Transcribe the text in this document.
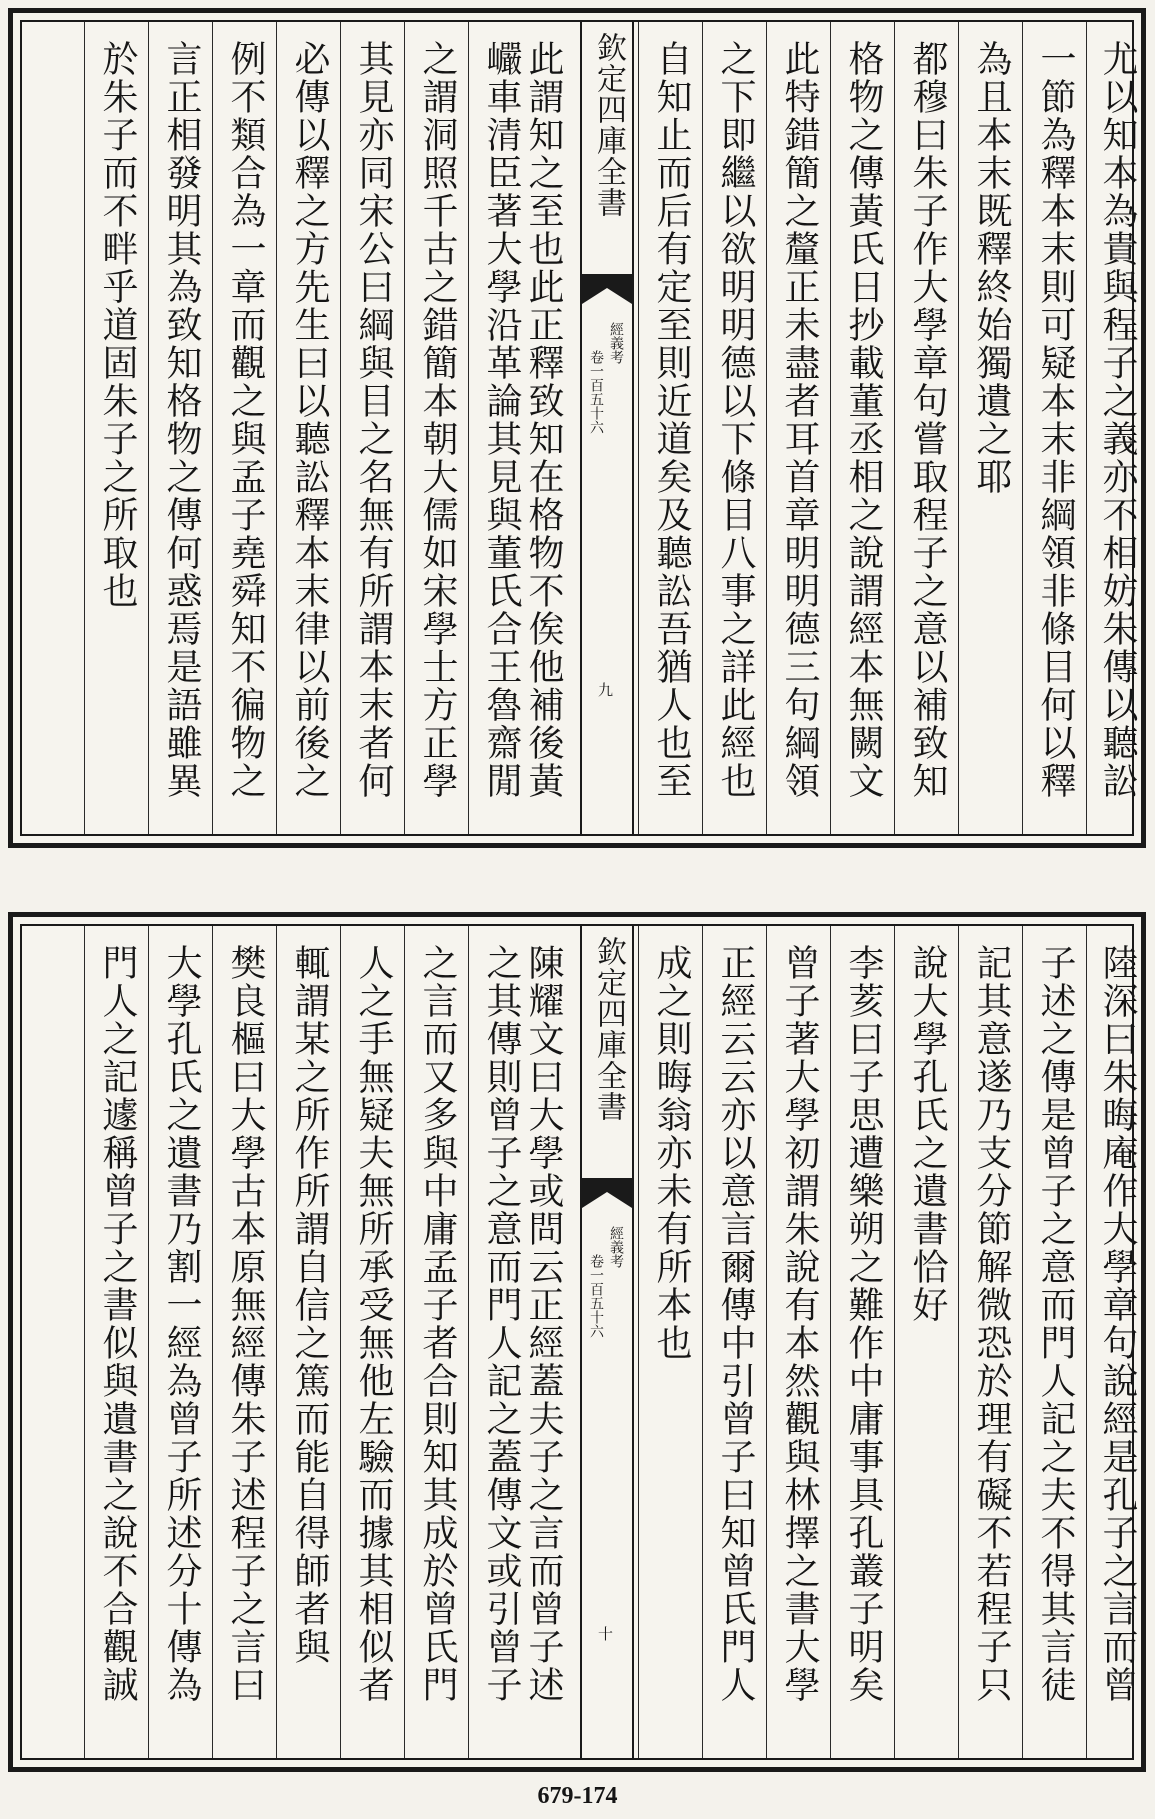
尤以知本為貴與程子之義亦不相妨朱傳以聽訟
一節為釋本末則可疑本末非綱領非條目何以釋
為且本末既釋終始獨遺之耶
都穆曰朱子作大學章句嘗取程子之意以補致知
格物之傳黃氏日抄載董丞相之說謂經本無闕文
此特錯簡之釐正未盡者耳首章明明德三句綱領
之下即繼以欲明明德以下條目八事之詳此經也
自知止而后有定至則近道矣及聽訟吾猶人也至
欽定四庫全書
經義考
卷一百五十六
九
此謂知之至也此正釋致知在格物不俟他補後黃
巗車清臣著大學沿革論其見與董氏合王魯齋閒
之謂洞照千古之錯簡本朝大儒如宋學士方正學
其見亦同宋公曰綱與目之名無有所謂本末者何
必傳以釋之方先生曰以聽訟釋本末律以前後之
例不類合為一章而觀之與孟子堯舜知不徧物之
言正相發明其為致知格物之傳何惑焉是語雖異
於朱子而不畔乎道固朱子之所取也
陸深曰朱晦庵作大學章句說經是孔子之言而曾
子述之傳是曾子之意而門人記之夫不得其言徒
記其意遂乃支分節解微恐於理有礙不若程子只
說大學孔氏之遺書恰好
李荄曰子思遭樂朔之難作中庸事具孔叢子明矣
曾子著大學初謂朱說有本然觀與林擇之書大學
正經云云亦以意言爾傳中引曾子曰知曾氏門人
成之則晦翁亦未有所本也
欽定四庫全書
經義考
卷一百五十六
十
陳耀文曰大學或問云正經蓋夫子之言而曾子述
之其傳則曾子之意而門人記之蓋傳文或引曾子
之言而又多與中庸孟子者合則知其成於曾氏門
人之手無疑夫無所承受無他左驗而據其相似者
輒謂某之所作所謂自信之篤而能自得師者與
樊良樞曰大學古本原無經傳朱子述程子之言曰
大學孔氏之遺書乃割一經為曾子所述分十傳為
門人之記遽稱曾子之書似與遺書之說不合觀誠
679-174
